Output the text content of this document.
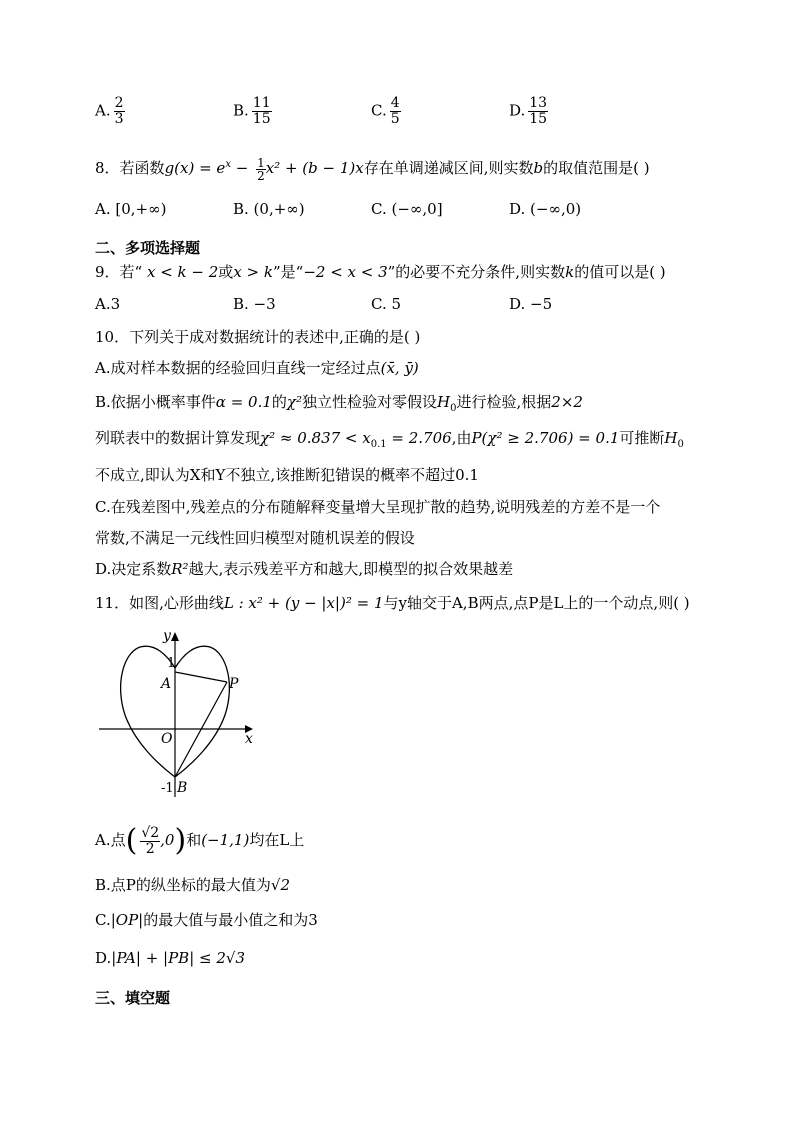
A. $\frac{2}{3}$	B. $\frac{11}{15}$	C. $\frac{4}{5}$	D. $\frac{13}{15}$
8．若函数$g(x) = e^x - \frac{1}{2} x^2 + (b - 1)x$存在单调递减区间,则实数b的取值范围是( )
A. [0,+∞)	B. (0,+∞)	C. (−∞,0]	D. (−∞,0)
二、多项选择题
9．若“ x < k − 2或x > k”是“−2 < x < 3”的必要不充分条件,则实数k的值可以是( )
A.3	B. −3	C. 5	D. −5
10．下列关于成对数据统计的表述中,正确的是( )
A.成对样本数据的经验回归直线一定经过点(x̄, ȳ)
B.依据小概率事件α = 0.1的χ²独立性检验对零假设$H_0$进行检验,根据2×2
列联表中的数据计算发现$\chi^2 \approx 0.837 < x_{0.1} = 2.706$,由P(χ² ≥ 2.706) = 0.1可推断$H_0$
不成立,即认为X和Y不独立,该推断犯错误的概率不超过0.1
C.在残差图中,残差点的分布随解释变量增大呈现扩散的趋势,说明残差的方差不是一个
常数,不满足一元线性回归模型对随机误差的假设
D.决定系数R²越大,表示残差平方和越大,即模型的拟合效果越差
11．如图,心形曲线L : x² + (y − |x|)² = 1与y轴交于A,B两点,点P是L上的一个动点,则( )
y
x
O
1
-1
A
B
P
A.点( $\frac{√2}{2} ,0$)和(−1,1)均在L上
B.点P的纵坐标的最大值为√2
C.|OP|的最大值与最小值之和为3
D.|PA| + |PB| ≤ 2√3
三、填空题
